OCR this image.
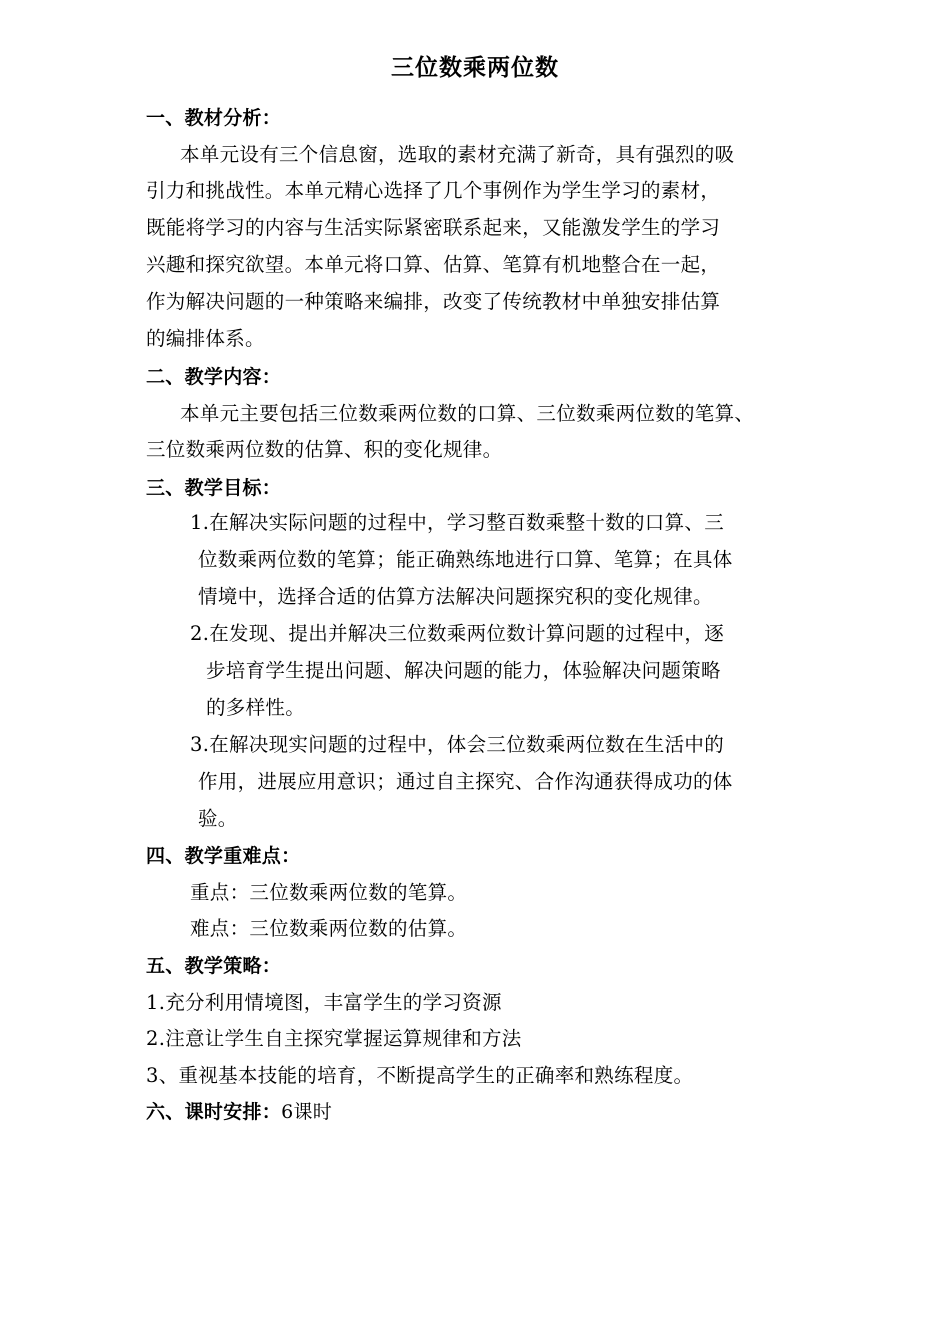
三位数乘两位数
一、教材分析：
本单元设有三个信息窗，选取的素材充满了新奇，具有强烈的吸
引力和挑战性。本单元精心选择了几个事例作为学生学习的素材，
既能将学习的内容与生活实际紧密联系起来，又能激发学生的学习
兴趣和探究欲望。本单元将口算、估算、笔算有机地整合在一起，
作为解决问题的一种策略来编排，改变了传统教材中单独安排估算
的编排体系。
二、教学内容：
本单元主要包括三位数乘两位数的口算、三位数乘两位数的笔算、
三位数乘两位数的估算、积的变化规律。
三、教学目标：
1.在解决实际问题的过程中，学习整百数乘整十数的口算、三
位数乘两位数的笔算；能正确熟练地进行口算、笔算；在具体
情境中，选择合适的估算方法解决问题探究积的变化规律。
2.在发现、提出并解决三位数乘两位数计算问题的过程中，逐
步培育学生提出问题、解决问题的能力，体验解决问题策略
的多样性。
3.在解决现实问题的过程中，体会三位数乘两位数在生活中的
作用，进展应用意识；通过自主探究、合作沟通获得成功的体
验。
四、教学重难点：
重点：三位数乘两位数的笔算。
难点：三位数乘两位数的估算。
五、教学策略：
1.充分利用情境图，丰富学生的学习资源
2.注意让学生自主探究掌握运算规律和方法
3、重视基本技能的培育，不断提高学生的正确率和熟练程度。
六、课时安排：6课时
